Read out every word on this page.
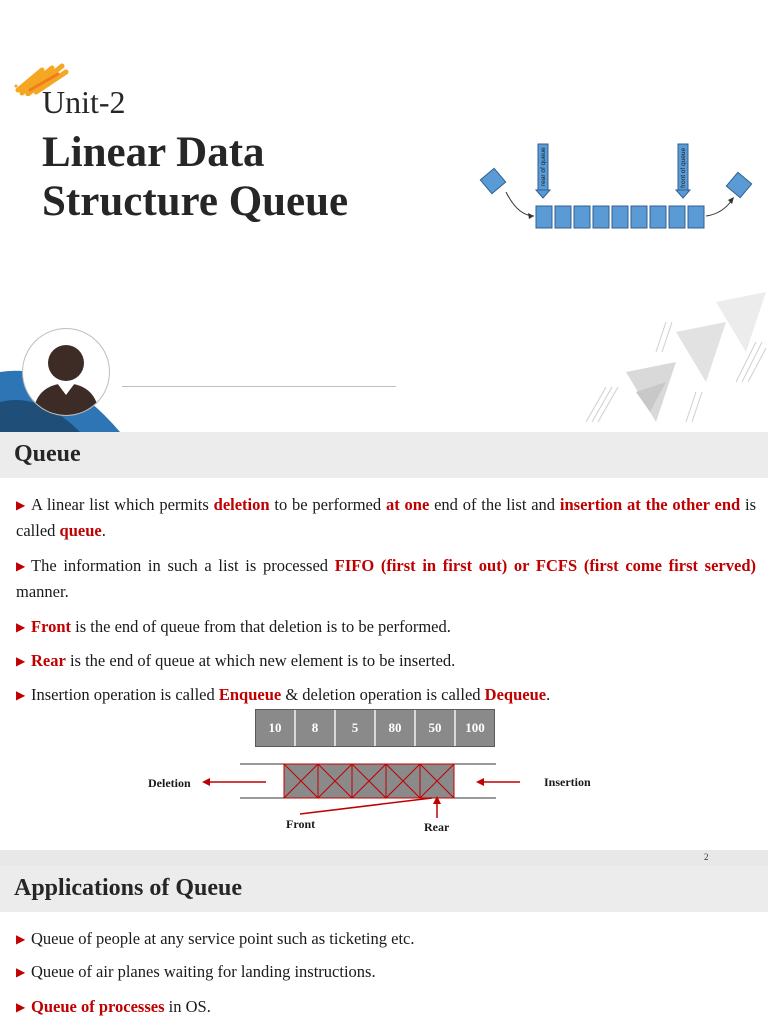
Unit-2
Linear Data
Structure Queue
rear of queue	front of queue
Queue
▶ A linear list which permits deletion to be performed at one end of the list and insertion at the other end is called queue.
▶ The information in such a list is processed FIFO (first in first out) or FCFS (first come first served) manner.
▶ Front is the end of queue from that deletion is to be performed.
▶ Rear is the end of queue at which new element is to be inserted.
▶ Insertion operation is called Enqueue & deletion operation is called Dequeue.
10	8	5	80	50	100
Deletion	Insertion
Front	Rear
2
Applications of Queue
▶ Queue of people at any service point such as ticketing etc.
▶ Queue of air planes waiting for landing instructions.
▶ Queue of processes in OS.
